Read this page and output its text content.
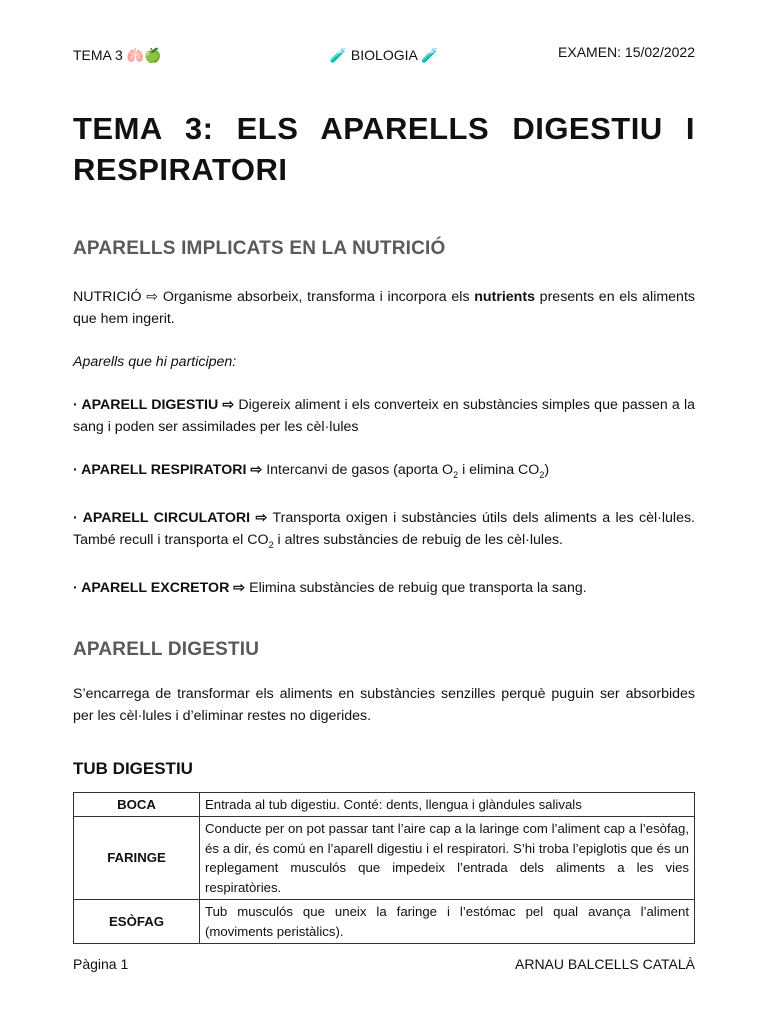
TEMA 3 🫁🍏	🧪 BIOLOGIA 🧪	EXAMEN: 15/02/2022
TEMA 3: ELS APARELLS DIGESTIU I RESPIRATORI
APARELLS IMPLICATS EN LA NUTRICIÓ

NUTRICIÓ ⇨ Organisme absorbeix, transforma i incorpora els nutrients presents en els aliments que hem ingerit.

Aparells que hi participen:

· APARELL DIGESTIU ⇨ Digereix aliment i els converteix en substàncies simples que passen a la sang i poden ser assimilades per les cèl·lules

· APARELL RESPIRATORI ⇨ Intercanvi de gasos (aporta $O_2$ i elimina $CO_2$)

· APARELL CIRCULATORI ⇨ Transporta oxigen i substàncies útils dels aliments a les cèl·lules. També recull i transporta el $CO_2$ i altres substàncies de rebuig de les cèl·lules.

· APARELL EXCRETOR ⇨ Elimina substàncies de rebuig que transporta la sang.

APARELL DIGESTIU

S’encarrega de transformar els aliments en substàncies senzilles perquè puguin ser absorbides per les cèl·lules i d’eliminar restes no digerides.

TUB DIGESTIU
BOCA	Entrada al tub digestiu. Conté: dents, llengua i glàndules salivals
FARINGE	Conducte per on pot passar tant l’aire cap a la laringe com l’aliment cap a l’esòfag, és a dir, és comú en l’aparell digestiu i el respiratori. S’hi troba l’epiglotis que és un replegament musculós que impedeix l’entrada dels aliments a les vies respiratòries.
ESÒFAG	Tub musculós que uneix la faringe i l’estómac pel qual avança l’aliment (moviments peristàlics).
Pàgina 1	ARNAU BALCELLS CATALÀ
